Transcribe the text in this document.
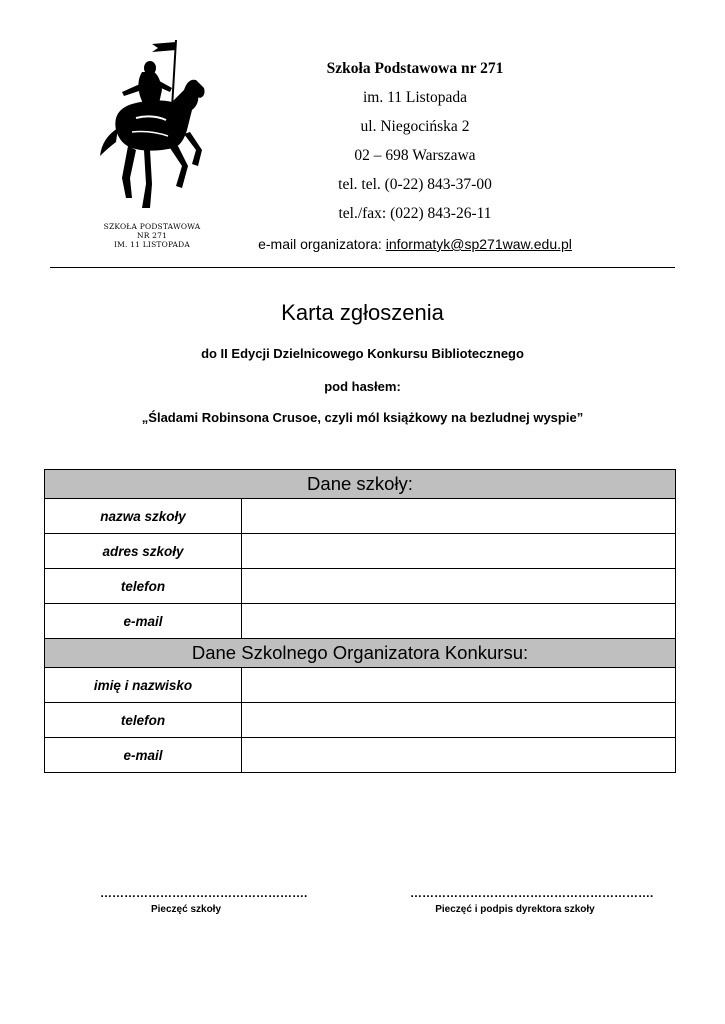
SZKOŁA PODSTAWOWA
NR 271
IM. 11 LISTOPADA
Szkoła Podstawowa nr 271
im. 11 Listopada
ul. Niegocińska 2
02 – 698 Warszawa
tel. tel. (0-22) 843-37-00
tel./fax: (022) 843-26-11
e-mail organizatora: informatyk@sp271waw.edu.pl
Karta zgłoszenia
do II Edycji Dzielnicowego Konkursu Bibliotecznego
pod hasłem:
„Śladami Robinsona Crusoe, czyli mól książkowy na bezludnej wyspie”
Dane szkoły:	
nazwa szkoły	
adres szkoły	
telefon	
e-mail	
Dane Szkolnego Organizatora Konkursu:	
imię i nazwisko	
telefon	
e-mail	
…………………………………………….
Pieczęć szkoły
…………………………………………………….
Pieczęć i podpis dyrektora szkoły
